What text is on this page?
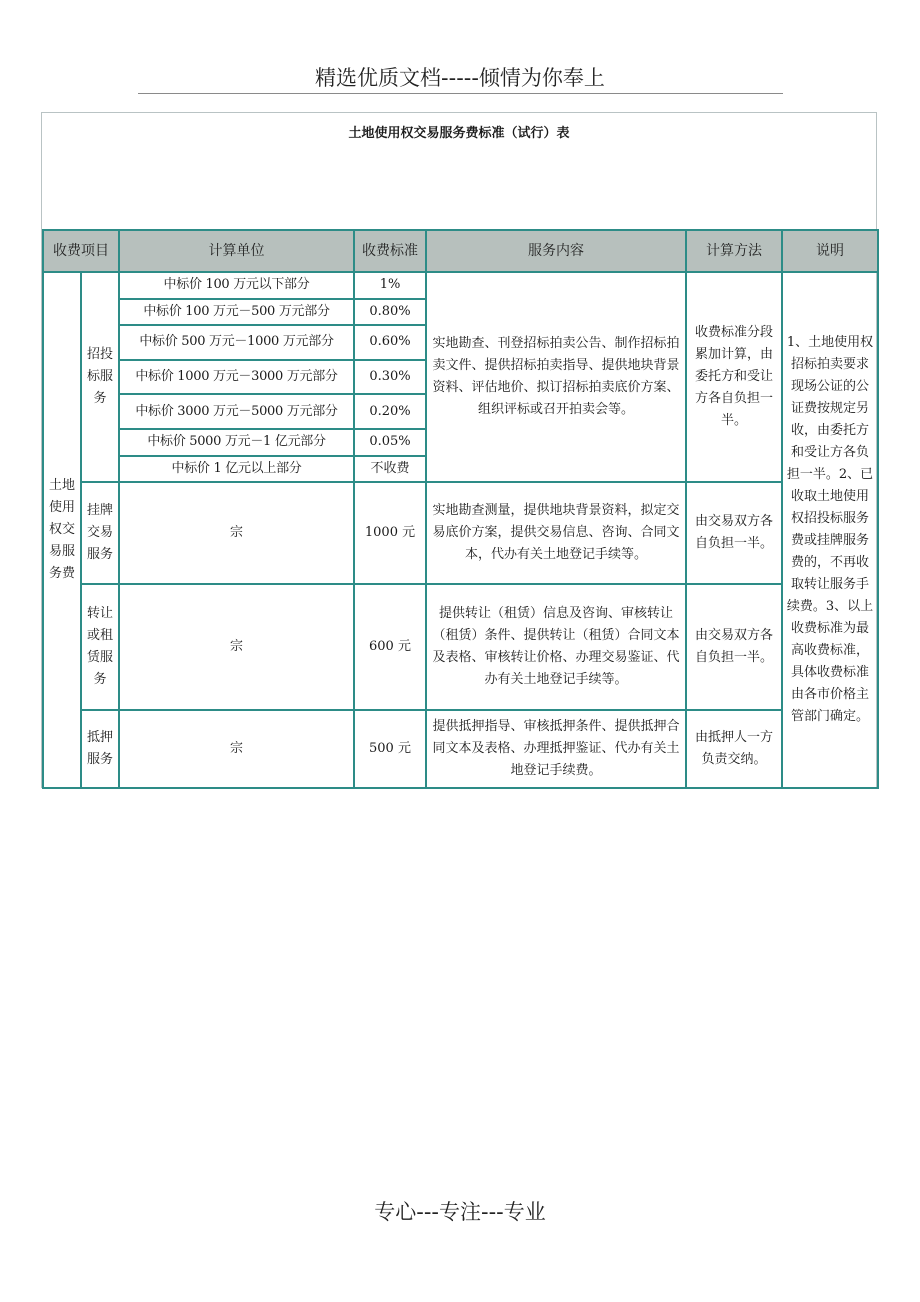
精选优质文档-----倾情为你奉上
土地使用权交易服务费标准（试行）表
收费项目		计算单位	收费标准	服务内容	计算方法	说明
土地使用权交易服务费	招投标服务	中标价 100 万元以下部分	1%	实地勘查、刊登招标拍卖公告、制作招标拍卖文件、提供招标拍卖指导、提供地块背景资料、评估地价、拟订招标拍卖底价方案、组织评标或召开拍卖会等。	收费标准分段累加计算，由委托方和受让方各自负担一半。	1、土地使用权招标拍卖要求现场公证的公证费按规定另收，由委托方和受让方各负担一半。2、已收取土地使用权招投标服务费或挂牌服务费的，不再收取转让服务手续费。3、以上收费标准为最高收费标准，具体收费标准由各市价格主管部门确定。
		中标价 100 万元－500 万元部分	0.80%			
		中标价 500 万元－1000 万元部分	0.60%			
		中标价 1000 万元－3000 万元部分	0.30%			
		中标价 3000 万元－5000 万元部分	0.20%			
		中标价 5000 万元－1 亿元部分	0.05%			
		中标价 1 亿元以上部分	不收费			
	挂牌交易服务	宗	1000 元	实地勘查测量，提供地块背景资料，拟定交易底价方案，提供交易信息、咨询、合同文本，代办有关土地登记手续等。	由交易双方各自负担一半。	
	转让或租赁服务	宗	600 元	提供转让（租赁）信息及咨询、审核转让（租赁）条件、提供转让（租赁）合同文本及表格、审核转让价格、办理交易鉴证、代办有关土地登记手续等。	由交易双方各自负担一半。	
	抵押服务	宗	500 元	提供抵押指导、审核抵押条件、提供抵押合同文本及表格、办理抵押鉴证、代办有关土地登记手续费。	由抵押人一方负责交纳。	
专心---专注---专业
